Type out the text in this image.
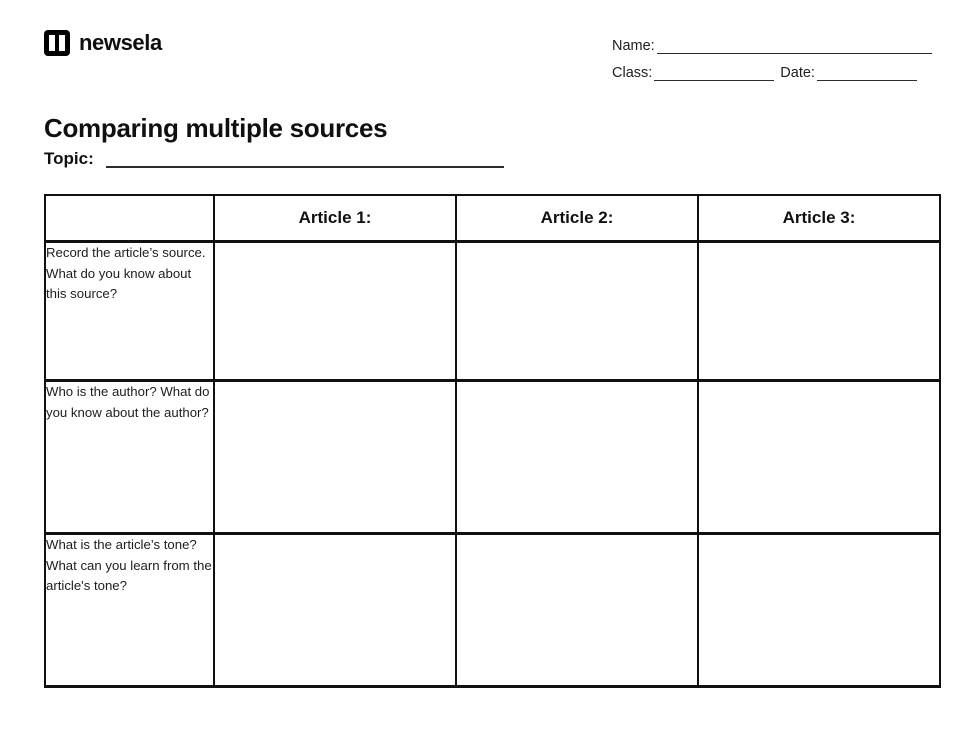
newsela	Name:
Class:	Date:
Comparing multiple sources
Topic:
	Article 1:	Article 2:	Article 3:
Record the article’s source. What do you know about this source?			
Who is the author? What do you know about the author?			
What is the article’s tone? What can you learn from the article's tone?			
